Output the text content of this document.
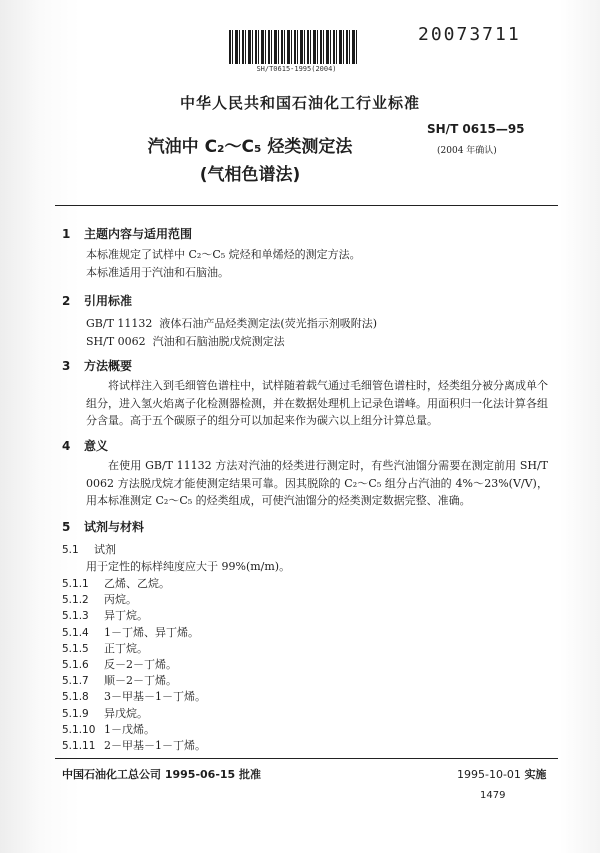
SH/T0615-1995(2004)
20073711
中华人民共和国石油化工行业标准
汽油中 C₂～C₅ 烃类测定法
(气相色谱法)
SH/T 0615—95
(2004 年确认)
1 主题内容与适用范围
本标准规定了试样中 C₂～C₅ 烷烃和单烯烃的测定方法。
本标准适用于汽油和石脑油。
2 引用标准
GB/T 11132 液体石油产品烃类测定法(荧光指示剂吸附法)
SH/T 0062 汽油和石脑油脱戊烷测定法
3 方法概要
将试样注入到毛细管色谱柱中，试样随着载气通过毛细管色谱柱时，烃类组分被分离成单个组分，进入氢火焰离子化检测器检测，并在数据处理机上记录色谱峰。用面积归一化法计算各组分含量。高于五个碳原子的组分可以加起来作为碳六以上组分计算总量。
4 意义
在使用 GB/T 11132 方法对汽油的烃类进行测定时，有些汽油馏分需要在测定前用 SH/T 0062 方法脱戊烷才能使测定结果可靠。因其脱除的 C₂～C₅ 组分占汽油的 4%～23%(V/V)，用本标准测定 C₂～C₅ 的烃类组成，可使汽油馏分的烃类测定数据完整、准确。
5 试剂与材料
5.1 试剂
用于定性的标样纯度应大于 99%(m/m)。
5.1.1 乙烯、乙烷。
5.1.2 丙烷。
5.1.3 异丁烷。
5.1.4 1－丁烯、异丁烯。
5.1.5 正丁烷。
5.1.6 反－2－丁烯。
5.1.7 顺－2－丁烯。
5.1.8 3－甲基－1－丁烯。
5.1.9 异戊烷。
5.1.10 1－戊烯。
中国石油化工总公司 1995-06-15 批准	1995-10-01 实施
1479
5.1.11 2－甲基－1－丁烯。
